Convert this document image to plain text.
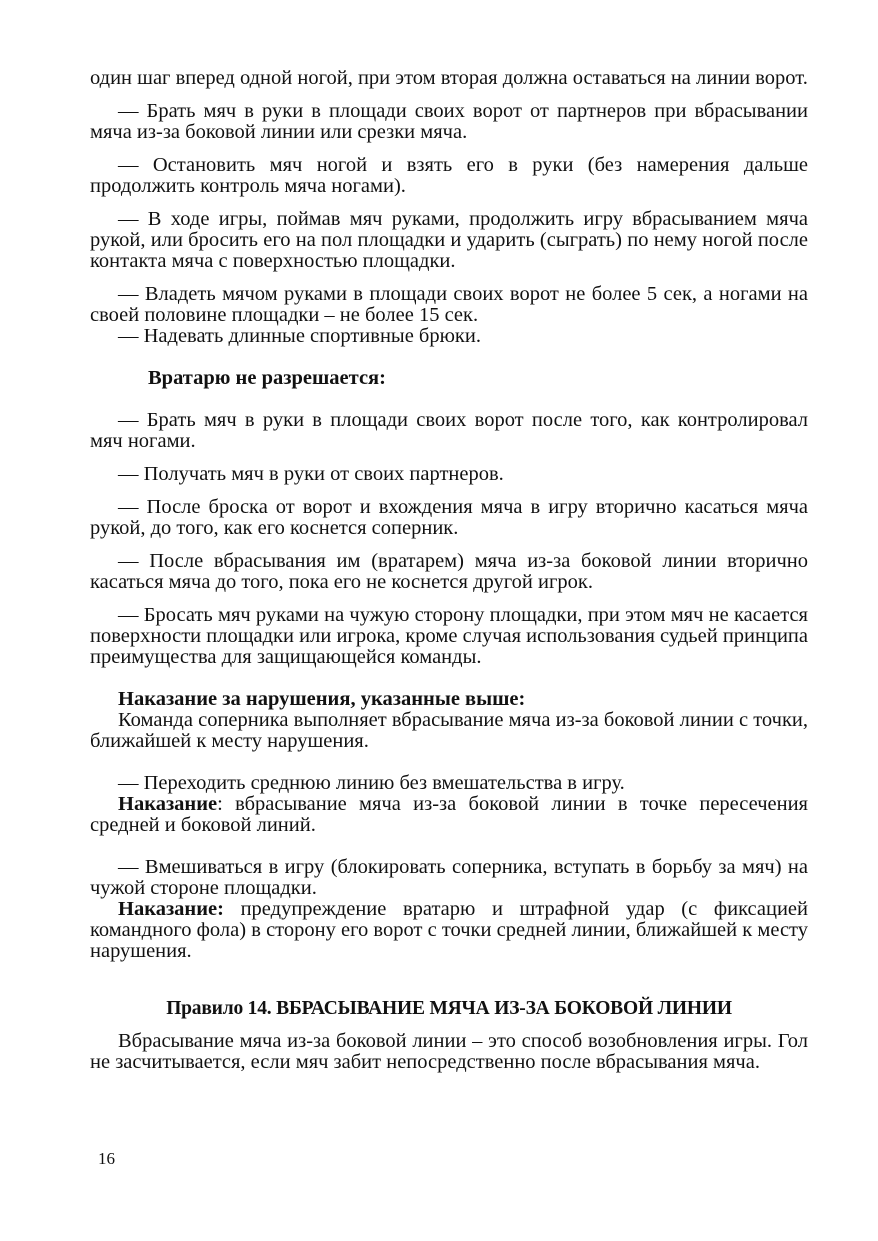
один шаг вперед одной ногой, при этом вторая должна оставаться на линии ворот.

— Брать мяч в руки в площади своих ворот от партнеров при вбрасывании мяча из-за боковой линии или срезки мяча.

— Остановить мяч ногой и взять его в руки (без намерения дальше продолжить контроль мяча ногами).

— В ходе игры, поймав мяч руками, продолжить игру вбрасыванием мяча рукой, или бросить его на пол площадки и ударить (сыграть) по нему ногой после контакта мяча с поверхностью площадки.

— Владеть мячом руками в площади своих ворот не более 5 сек, а ногами на своей половине площадки – не более 15 сек.

— Надевать длинные спортивные брюки.

Вратарю не разрешается:

— Брать мяч в руки в площади своих ворот после того, как контролировал мяч ногами.

— Получать мяч в руки от своих партнеров.

— После броска от ворот и вхождения мяча в игру вторично касаться мяча рукой, до того, как его коснется соперник.

— После вбрасывания им (вратарем) мяча из-за боковой линии вторично касаться мяча до того, пока его не коснется другой игрок.

— Бросать мяч руками на чужую сторону площадки, при этом мяч не касается поверхности площадки или игрока, кроме случая использования судьей принципа преимущества для защищающейся команды.

Наказание за нарушения, указанные выше:

Команда соперника выполняет вбрасывание мяча из-за боковой линии с точки, ближайшей к месту нарушения.

— Переходить среднюю линию без вмешательства в игру.

Наказание: вбрасывание мяча из-за боковой линии в точке пересечения средней и боковой линий.

— Вмешиваться в игру (блокировать соперника, вступать в борьбу за мяч) на чужой стороне площадки.

Наказание: предупреждение вратарю и штрафной удар (с фиксацией командного фола) в сторону его ворот с точки средней линии, ближайшей к месту нарушения.

Правило 14. ВБРАСЫВАНИЕ МЯЧА ИЗ-ЗА БОКОВОЙ ЛИНИИ

Вбрасывание мяча из-за боковой линии – это способ возобновления игры. Гол не засчитывается, если мяч забит непосредственно после вбрасывания мяча.

16
